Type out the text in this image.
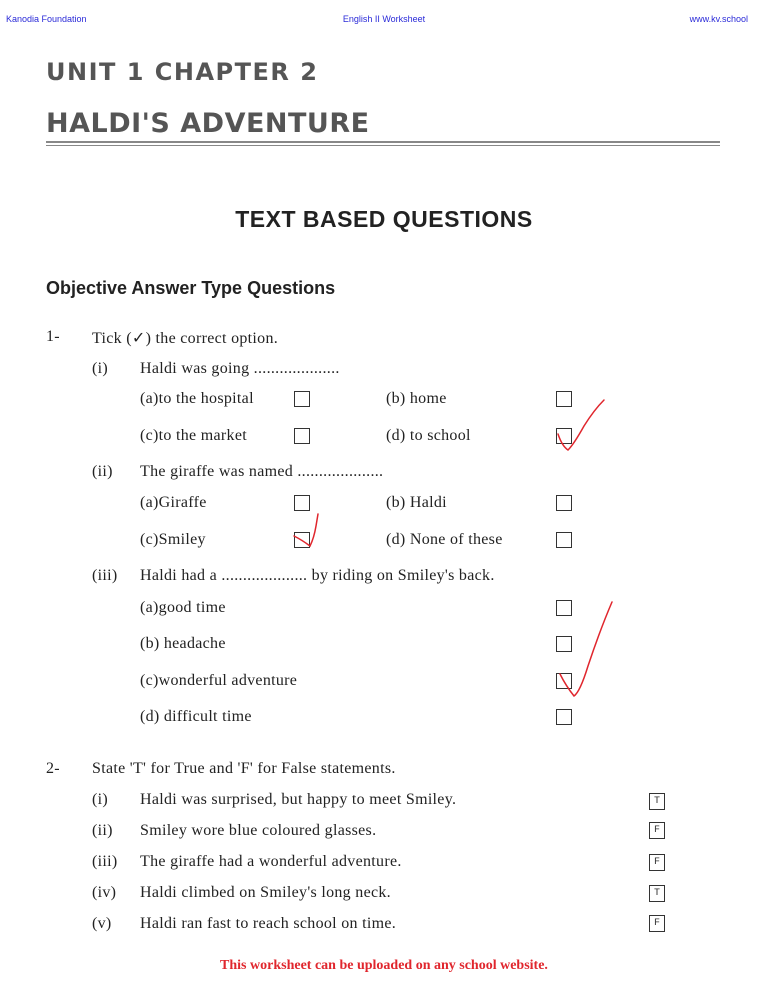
Kanodia Foundation	English II Worksheet	www.kv.school
UNIT 1 CHAPTER 2
HALDI'S ADVENTURE
TEXT BASED QUESTIONS
Objective Answer Type Questions
1- Tick (✓) the correct option.
(i) Haldi was going ....................
(a)to the hospital	(b) home
(c)to the market	(d) to school
(ii) The giraffe was named ....................
(a)Giraffe	(b) Haldi
(c)Smiley	(d) None of these
(iii) Haldi had a .................... by riding on Smiley's back.
(a)good time
(b) headache
(c)wonderful adventure
(d) difficult time
2- State 'T' for True and 'F' for False statements.
(i) Haldi was surprised, but happy to meet Smiley.	T
(ii) Smiley wore blue coloured glasses.	F
(iii) The giraffe had a wonderful adventure.	F
(iv) Haldi climbed on Smiley's long neck.	T
(v) Haldi ran fast to reach school on time.	F
This worksheet can be uploaded on any school website.
